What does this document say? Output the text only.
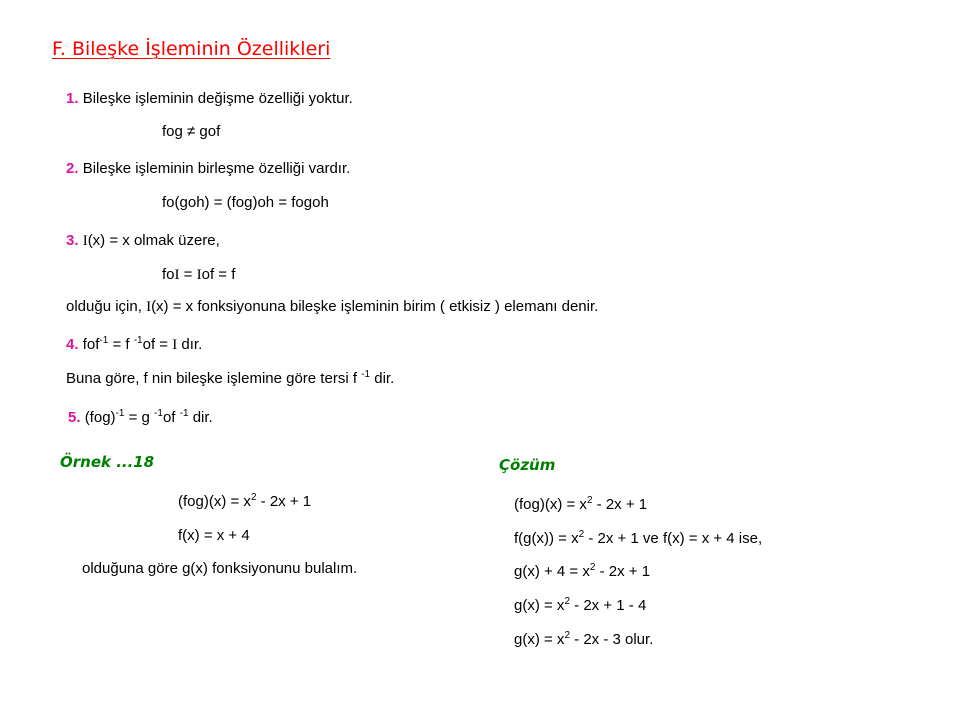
F. Bileşke İşleminin Özellikleri
1. Bileşke işleminin değişme özelliği yoktur.
fog ≠ gof
2. Bileşke işleminin birleşme özelliği vardır.
fo(goh) = (fog)oh = fogoh
3. I(x) = x olmak üzere,
foI = Iof = f
olduğu için, I(x) = x fonksiyonuna bileşke işleminin birim ( etkisiz ) elemanı denir.
4. fof$^{-1}$ = f $^{-1}$of = I dır.
Buna göre, f nin bileşke işlemine göre tersi f $^{-1}$ dir.
5. (fog)$^{-1}$ = g $^{-1}$of $^{-1}$ dir.
Örnek ...18
$(fog)(x) = x^2 - 2x + 1$
f(x) = x + 4
olduğuna göre g(x) fonksiyonunu bulalım.
Çözüm
$(fog)(x) = x^2 - 2x + 1$
$f(g(x)) = x^2 - 2x + 1$ ve f(x) = x + 4 ise,
$g(x) + 4 = x^2 - 2x + 1$
$g(x) = x^2 - 2x + 1 - 4$
$g(x) = x^2 - 2x - 3$ olur.
